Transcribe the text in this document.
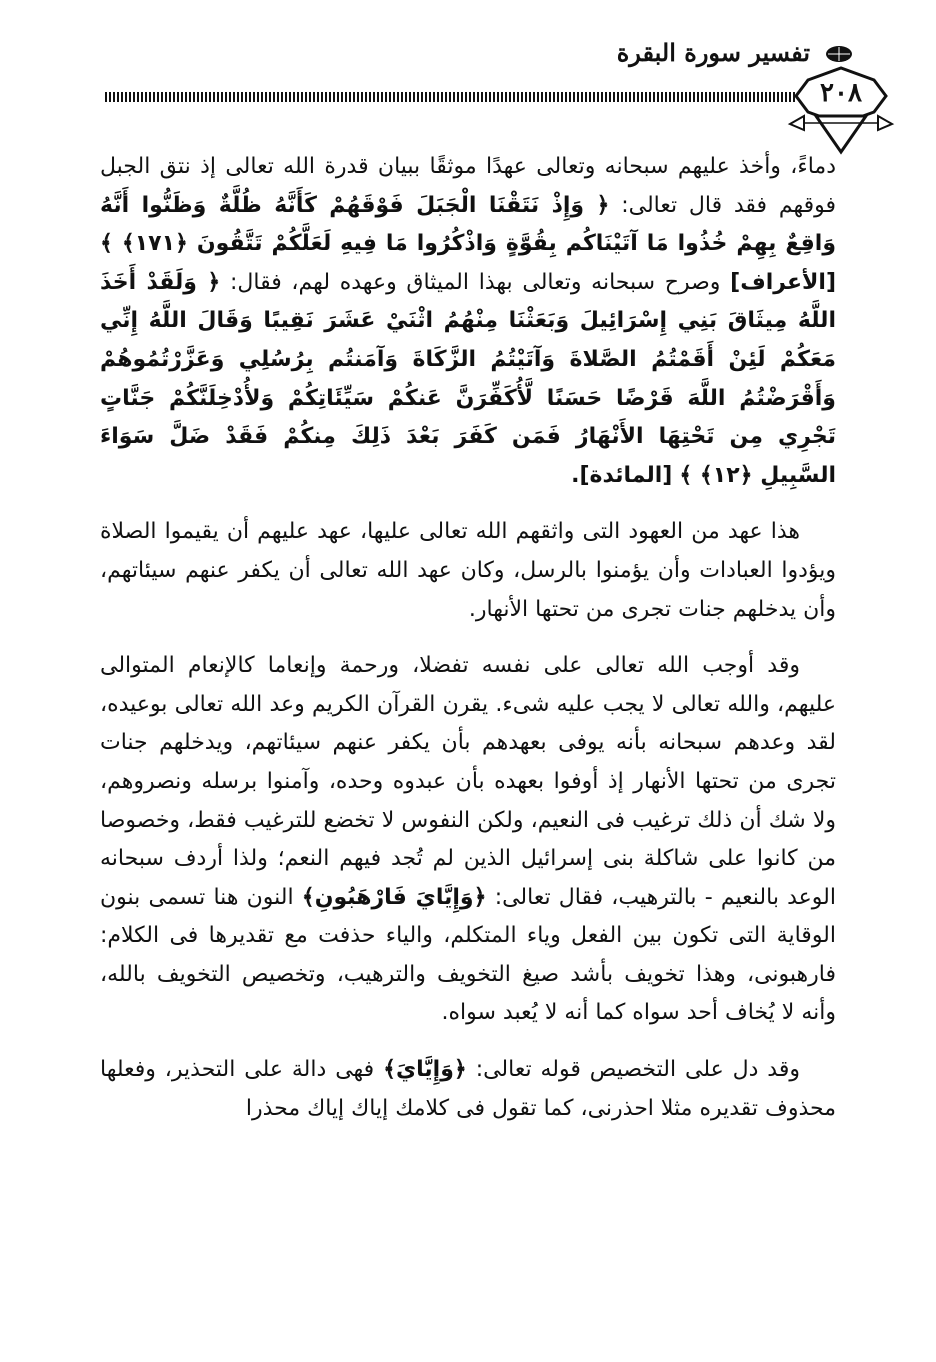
تفسير سورة البقرة
٢٠٨

دماءً، وأخذ عليهم سبحانه وتعالى عهدًا موثقًا ببيان قدرة الله تعالى إذ نتق الجبل فوقهم فقد قال تعالى: ﴿ وَإِذْ نَتَقْنَا الْجَبَلَ فَوْقَهُمْ كَأَنَّهُ ظُلَّةٌ وَظَنُّوا أَنَّهُ وَاقِعٌ بِهِمْ خُذُوا مَا آتَيْنَاكُم بِقُوَّةٍ وَاذْكُرُوا مَا فِيهِ لَعَلَّكُمْ تَتَّقُونَ ﴿١٧١﴾ ﴾ [الأعراف] وصرح سبحانه وتعالى بهذا الميثاق وعهده لهم، فقال: ﴿ وَلَقَدْ أَخَذَ اللَّهُ مِيثَاقَ بَنِي إِسْرَائِيلَ وَبَعَثْنَا مِنْهُمُ اثْنَيْ عَشَرَ نَقِيبًا وَقَالَ اللَّهُ إِنِّي مَعَكُمْ لَئِنْ أَقَمْتُمُ الصَّلاةَ وَآتَيْتُمُ الزَّكَاةَ وَآمَنتُم بِرُسُلِي وَعَزَّرْتُمُوهُمْ وَأَقْرَضْتُمُ اللَّهَ قَرْضًا حَسَنًا لَّأُكَفِّرَنَّ عَنكُمْ سَيِّئَاتِكُمْ وَلأُدْخِلَنَّكُمْ جَنَّاتٍ تَجْرِي مِن تَحْتِهَا الأَنْهَارُ فَمَن كَفَرَ بَعْدَ ذَلِكَ مِنكُمْ فَقَدْ ضَلَّ سَوَاءَ السَّبِيلِ ﴿١٢﴾ ﴾ [المائدة].

هذا عهد من العهود التى واثقهم الله تعالى عليها، عهد عليهم أن يقيموا الصلاة ويؤدوا العبادات وأن يؤمنوا بالرسل، وكان عهد الله تعالى أن يكفر عنهم سيئاتهم، وأن يدخلهم جنات تجرى من تحتها الأنهار.

وقد أوجب الله تعالى على نفسه تفضلا، ورحمة وإنعاما كالإنعام المتوالى عليهم، والله تعالى لا يجب عليه شىء. يقرن القرآن الكريم وعد الله تعالى بوعيده، لقد وعدهم سبحانه بأنه يوفى بعهدهم بأن يكفر عنهم سيئاتهم، ويدخلهم جنات تجرى من تحتها الأنهار إذ أوفوا بعهده بأن عبدوه وحده، وآمنوا برسله ونصروهم، ولا شك أن ذلك ترغيب فى النعيم، ولكن النفوس لا تخضع للترغيب فقط، وخصوصا من كانوا على شاكلة بنى إسرائيل الذين لم تُجد فيهم النعم؛ ولذا أردف سبحانه الوعد بالنعيم - بالترهيب، فقال تعالى: ﴿وَإِيَّايَ فَارْهَبُونِ﴾ النون هنا تسمى بنون الوقاية التى تكون بين الفعل وياء المتكلم، والياء حذفت مع تقديرها فى الكلام: فارهبونى، وهذا تخويف بأشد صيغ التخويف والترهيب، وتخصيص التخويف بالله، وأنه لا يُخاف أحد سواه كما أنه لا يُعبد سواه.

وقد دل على التخصيص قوله تعالى: ﴿وَإِيَّايَ﴾ فهى دالة على التحذير، وفعلها محذوف تقديره مثلا احذرنى، كما تقول فى كلامك إياك إياك محذرا
